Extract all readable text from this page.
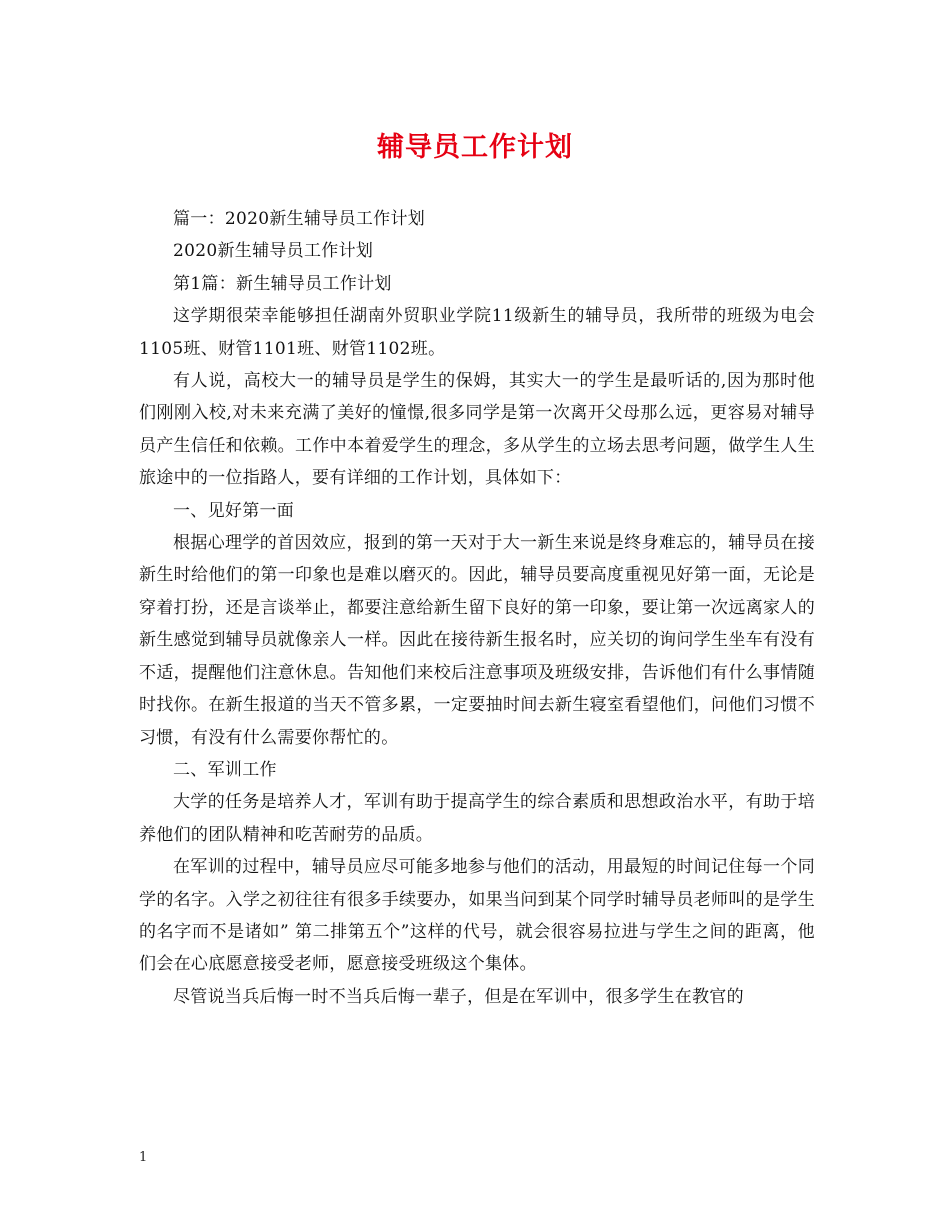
辅导员工作计划

篇一：2020新生辅导员工作计划

2020新生辅导员工作计划

第1篇：新生辅导员工作计划

这学期很荣幸能够担任湖南外贸职业学院11级新生的辅导员，我所带的班级为电会1105班、财管1101班、财管1102班。

有人说，高校大一的辅导员是学生的保姆，其实大一的学生是最听话的,因为那时他们刚刚入校,对未来充满了美好的憧憬,很多同学是第一次离开父母那么远，更容易对辅导员产生信任和依赖。工作中本着爱学生的理念，多从学生的立场去思考问题，做学生人生旅途中的一位指路人，要有详细的工作计划，具体如下：

一、见好第一面

根据心理学的首因效应，报到的第一天对于大一新生来说是终身难忘的，辅导员在接新生时给他们的第一印象也是难以磨灭的。因此，辅导员要高度重视见好第一面，无论是穿着打扮，还是言谈举止，都要注意给新生留下良好的第一印象，要让第一次远离家人的新生感觉到辅导员就像亲人一样。因此在接待新生报名时，应关切的询问学生坐车有没有不适，提醒他们注意休息。告知他们来校后注意事项及班级安排，告诉他们有什么事情随时找你。在新生报道的当天不管多累，一定要抽时间去新生寝室看望他们，问他们习惯不习惯，有没有什么需要你帮忙的。

二、军训工作

大学的任务是培养人才，军训有助于提高学生的综合素质和思想政治水平，有助于培养他们的团队精神和吃苦耐劳的品质。

在军训的过程中，辅导员应尽可能多地参与他们的活动，用最短的时间记住每一个同学的名字。入学之初往往有很多手续要办，如果当问到某个同学时辅导员老师叫的是学生的名字而不是诸如” 第二排第五个”这样的代号，就会很容易拉进与学生之间的距离，他们会在心底愿意接受老师，愿意接受班级这个集体。

尽管说当兵后悔一时不当兵后悔一辈子，但是在军训中，很多学生在教官的

1
